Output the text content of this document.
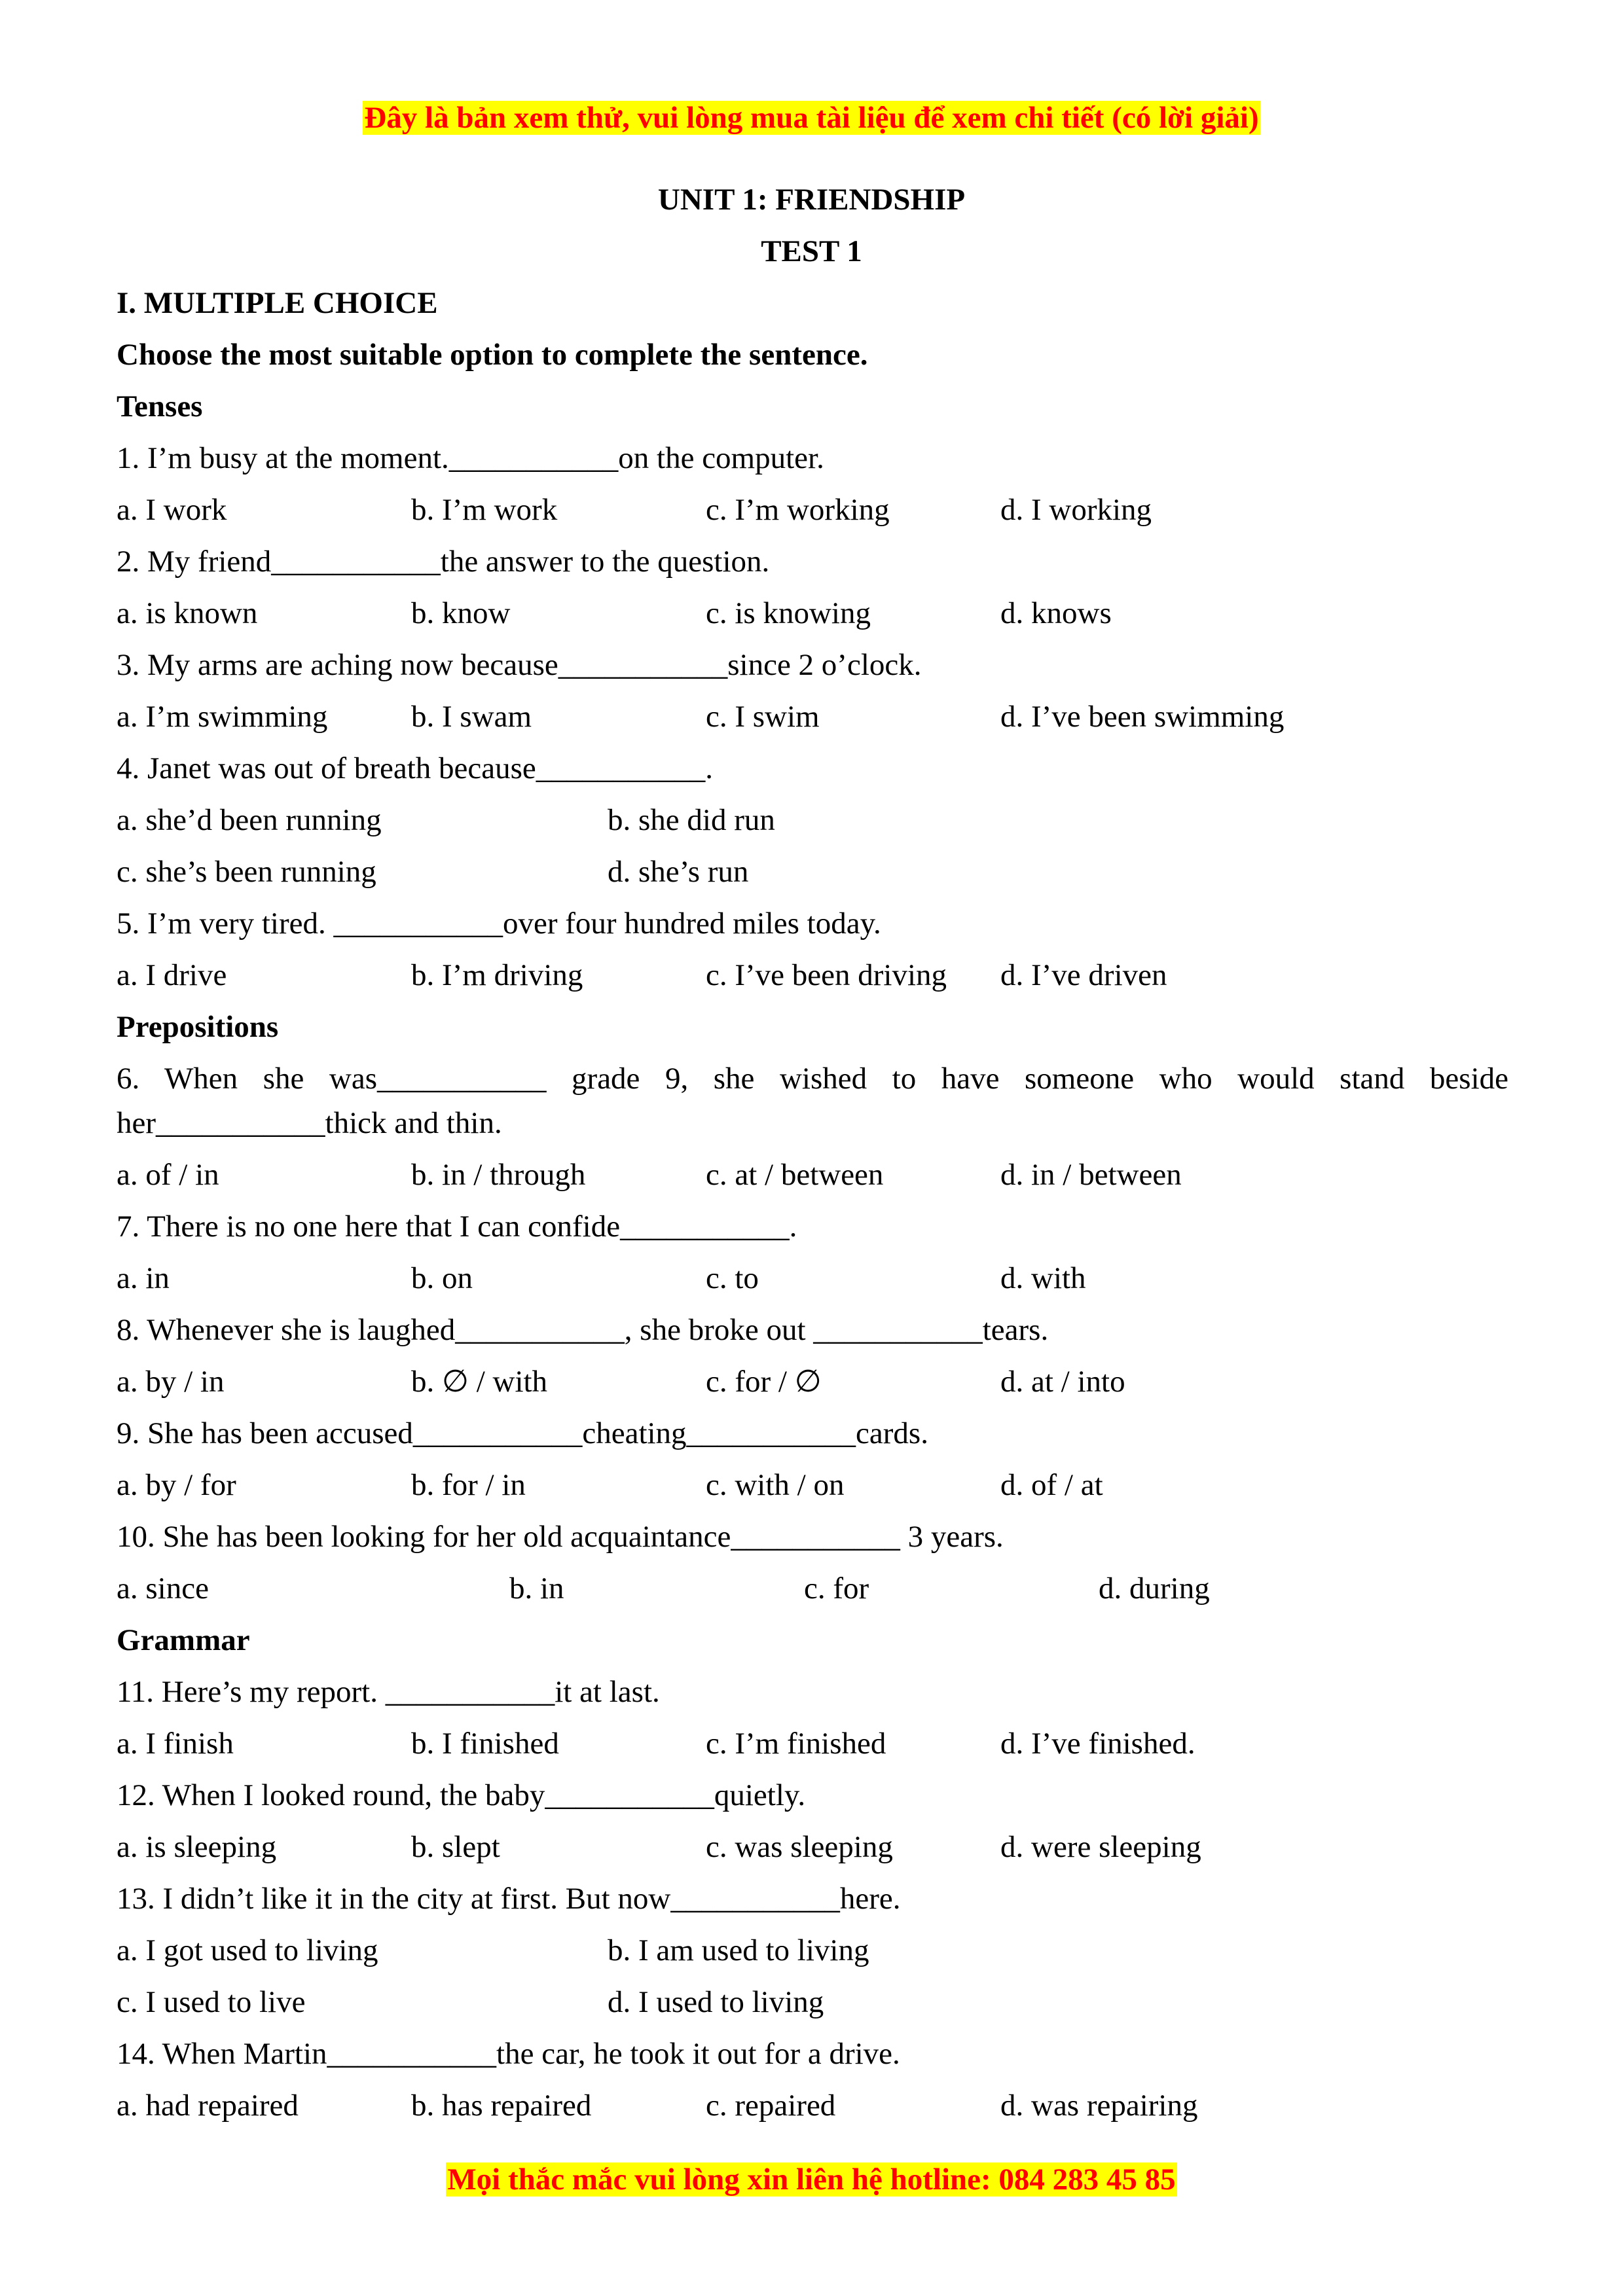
Đây là bản xem thử, vui lòng mua tài liệu để xem chi tiết (có lời giải)
UNIT 1: FRIENDSHIP
TEST 1
I. MULTIPLE CHOICE
Choose the most suitable option to complete the sentence.
Tenses
1. I’m busy at the moment.___________on the computer.
a. I work	b. I’m work	c. I’m working	d. I working
2. My friend___________the answer to the question.
a. is known	b. know	c. is knowing	d. knows
3. My arms are aching now because___________since 2 o’clock.
a. I’m swimming	b. I swam	c. I swim	d. I’ve been swimming
4. Janet was out of breath because___________.
a. she’d been running	b. she did run
c. she’s been running	d. she’s run
5. I’m very tired. ___________over four hundred miles today.
a. I drive	b. I’m driving	c. I’ve been driving d. I’ve driven
Prepositions
6. When she was___________ grade 9, she wished to have someone who would stand beside
her___________thick and thin.
a. of / in	b. in / through	c. at / between	d. in / between
7. There is no one here that I can confide___________.
a. in	b. on	c. to	d. with
8. Whenever she is laughed___________, she broke out ___________tears.
a. by / in	b. ∅ / with	c. for / ∅	d. at / into
9. She has been accused___________cheating___________cards.
a. by / for	b. for / in	c. with / on	d. of / at
10. She has been looking for her old acquaintance___________ 3 years.
a. since	b. in	c. for	d. during
Grammar
11. Here’s my report. ___________it at last.
a. I finish	b. I finished	c. I’m finished	d. I’ve finished.
12. When I looked round, the baby___________quietly.
a. is sleeping	b. slept	c. was sleeping	d. were sleeping
13. I didn’t like it in the city at first. But now___________here.
a. I got used to living	b. I am used to living
c. I used to live	d. I used to living
14. When Martin___________the car, he took it out for a drive.
a. had repaired	b. has repaired	c. repaired	d. was repairing
Mọi thắc mắc vui lòng xin liên hệ hotline: 084 283 45 85
